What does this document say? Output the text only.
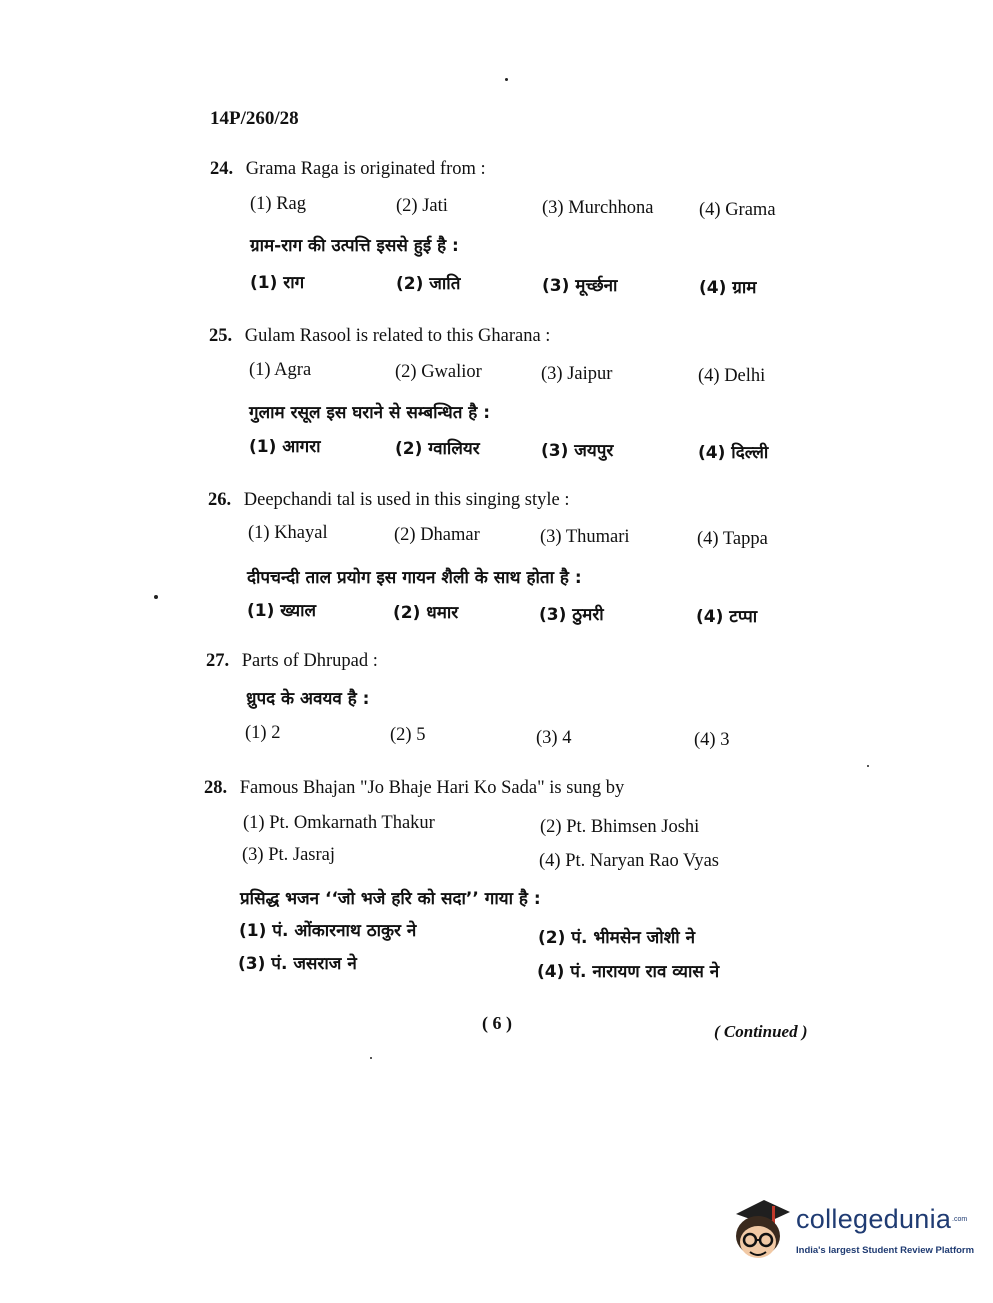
14P/260/28
24. Grama Raga is originated from :
(1) Rag	(2) Jati	(3) Murchhona (4) Grama
ग्राम-राग की उत्पत्ति इससे हुई है :
(1) राग	(2) जाति	(3) मूर्च्छना	(4) ग्राम
25. Gulam Rasool is related to this Gharana :
(1) Agra	(2) Gwalior	(3) Jaipur	(4) Delhi
गुलाम रसूल इस घराने से सम्बन्धित है :
(1) आगरा	(2) ग्वालियर	(3) जयपुर	(4) दिल्ली
26. Deepchandi tal is used in this singing style :
(1) Khayal	(2) Dhamar	(3) Thumari	(4) Tappa
दीपचन्दी ताल प्रयोग इस गायन शैली के साथ होता है :
(1) ख्याल	(2) धमार	(3) ठुमरी	(4) टप्पा
27. Parts of Dhrupad :
ध्रुपद के अवयव है :
(1) 2	(2) 5	(3) 4	(4) 3
28. Famous Bhajan "Jo Bhaje Hari Ko Sada" is sung by
(1) Pt. Omkarnath Thakur	(2) Pt. Bhimsen Joshi
(3) Pt. Jasraj	(4) Pt. Naryan Rao Vyas
प्रसिद्ध भजन ‘‘जो भजे हरि को सदा’’ गाया है :
(1) पं. ओंकारनाथ ठाकुर ने	(2) पं. भीमसेन जोशी ने
(3) पं. जसराज ने	(4) पं. नारायण राव व्यास ने
( 6 )	( Continued )
collegedunia .com
India's largest Student Review Platform
